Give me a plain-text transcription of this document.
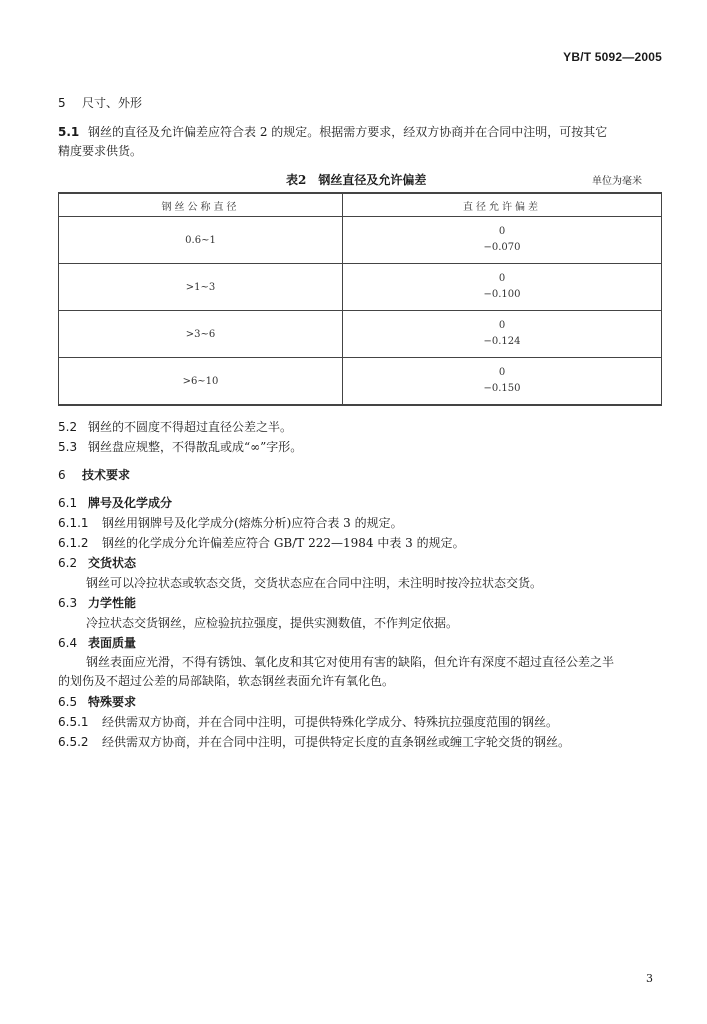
YB/T 5092—2005
5 尺寸、外形
5.1 钢丝的直径及允许偏差应符合表 2 的规定。根据需方要求，经双方协商并在合同中注明，可按其它
精度要求供货。
表2　钢丝直径及允许偏差	单位为毫米
钢丝公称直径	直径允许偏差
0.6~1	0
−0.070

>1~3	0
−0.100

>3~6	0
−0.124

>6~10	0
−0.150
5.2 钢丝的不圆度不得超过直径公差之半。
5.3 钢丝盘应规整，不得散乱或成“∞”字形。
6 技术要求
6.1 牌号及化学成分
6.1.1 钢丝用钢牌号及化学成分(熔炼分析)应符合表 3 的规定。
6.1.2 钢丝的化学成分允许偏差应符合 GB/T 222—1984 中表 3 的规定。
6.2 交货状态
钢丝可以冷拉状态或软态交货，交货状态应在合同中注明，未注明时按冷拉状态交货。
6.3 力学性能
冷拉状态交货钢丝，应检验抗拉强度，提供实测数值，不作判定依据。
6.4 表面质量
钢丝表面应光滑，不得有锈蚀、氧化皮和其它对使用有害的缺陷，但允许有深度不超过直径公差之半
的划伤及不超过公差的局部缺陷，软态钢丝表面允许有氧化色。
6.5 特殊要求
6.5.1 经供需双方协商，并在合同中注明，可提供特殊化学成分、特殊抗拉强度范围的钢丝。
6.5.2 经供需双方协商，并在合同中注明，可提供特定长度的直条钢丝或缠工字轮交货的钢丝。
3
